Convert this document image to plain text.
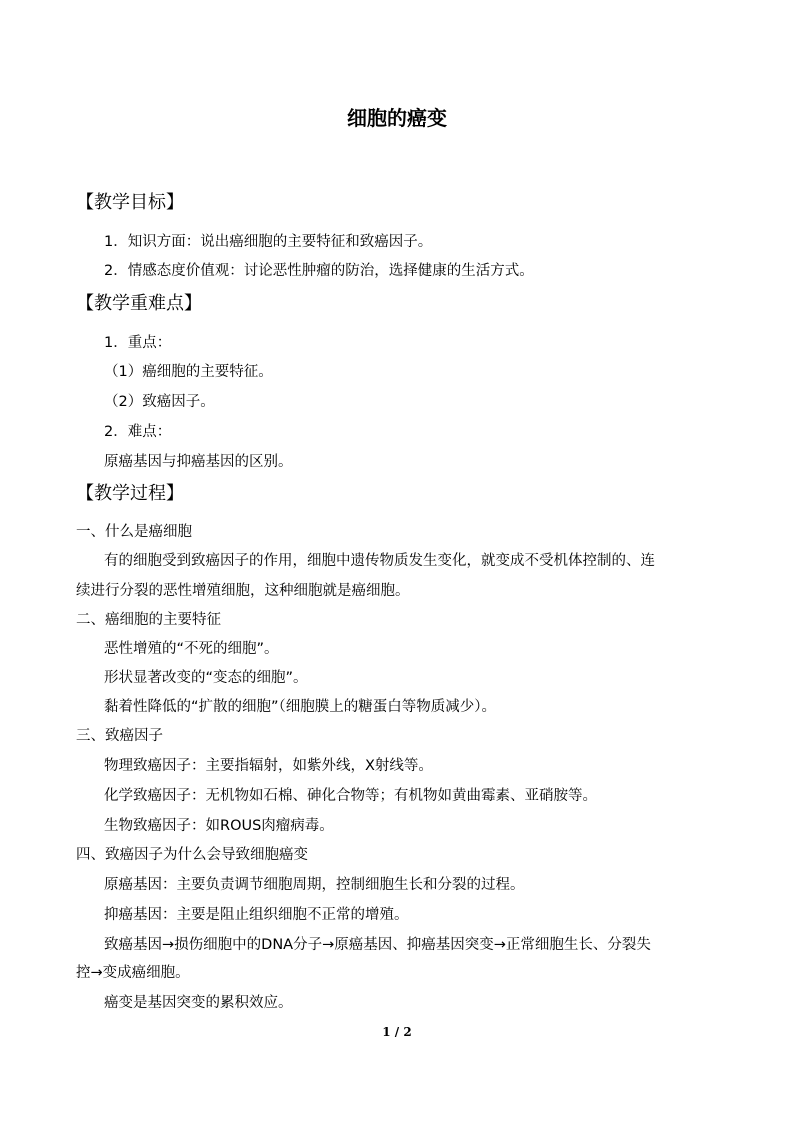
细胞的癌变
【教学目标】
1．知识方面：说出癌细胞的主要特征和致癌因子。
2．情感态度价值观：讨论恶性肿瘤的防治，选择健康的生活方式。
【教学重难点】
1．重点：
（1）癌细胞的主要特征。
（2）致癌因子。
2．难点：
原癌基因与抑癌基因的区别。
【教学过程】
一、什么是癌细胞
有的细胞受到致癌因子的作用，细胞中遗传物质发生变化，就变成不受机体控制的、连
续进行分裂的恶性增殖细胞，这种细胞就是癌细胞。
二、癌细胞的主要特征
恶性增殖的“不死的细胞”。
形状显著改变的“变态的细胞”。
黏着性降低的“扩散的细胞”（细胞膜上的糖蛋白等物质减少）。
三、致癌因子
物理致癌因子：主要指辐射，如紫外线，X射线等。
化学致癌因子：无机物如石棉、砷化合物等；有机物如黄曲霉素、亚硝胺等。
生物致癌因子：如ROUS肉瘤病毒。
四、致癌因子为什么会导致细胞癌变
原癌基因：主要负责调节细胞周期，控制细胞生长和分裂的过程。
抑癌基因：主要是阻止组织细胞不正常的增殖。
致癌基因→损伤细胞中的DNA分子→原癌基因、抑癌基因突变→正常细胞生长、分裂失
控→变成癌细胞。
癌变是基因突变的累积效应。
1 / 2
